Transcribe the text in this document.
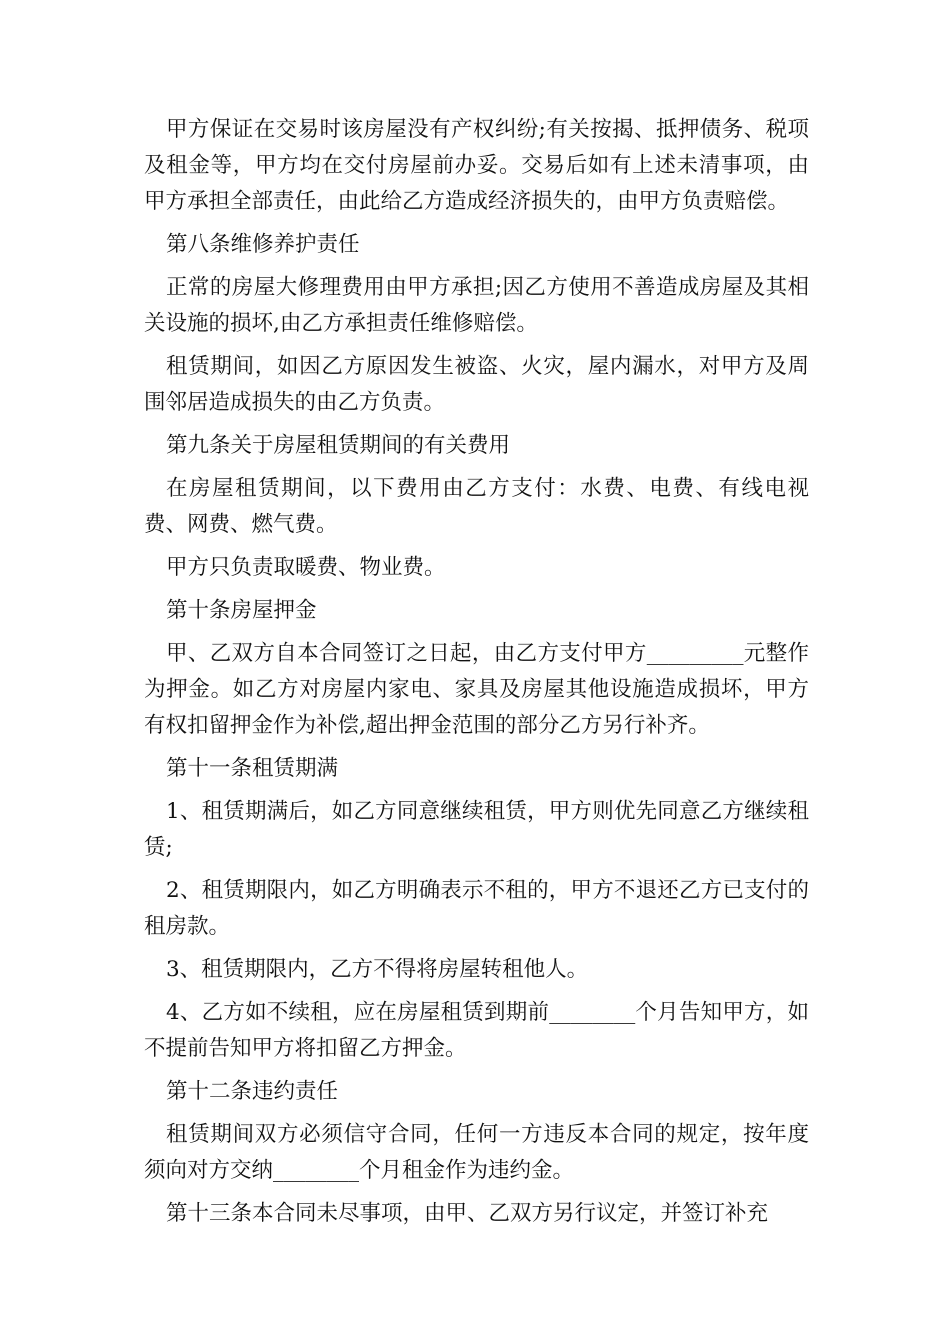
甲方保证在交易时该房屋没有产权纠纷;有关按揭、抵押债务、税项及租金等，甲方均在交付房屋前办妥。交易后如有上述未清事项，由甲方承担全部责任，由此给乙方造成经济损失的，由甲方负责赔偿。

第八条维修养护责任

正常的房屋大修理费用由甲方承担;因乙方使用不善造成房屋及其相关设施的损坏,由乙方承担责任维修赔偿。

租赁期间，如因乙方原因发生被盗、火灾，屋内漏水，对甲方及周围邻居造成损失的由乙方负责。

第九条关于房屋租赁期间的有关费用

在房屋租赁期间，以下费用由乙方支付：水费、电费、有线电视费、网费、燃气费。

甲方只负责取暖费、物业费。

第十条房屋押金

甲、乙双方自本合同签订之日起，由乙方支付甲方_________元整作为押金。如乙方对房屋内家电、家具及房屋其他设施造成损坏，甲方有权扣留押金作为补偿,超出押金范围的部分乙方另行补齐。

第十一条租赁期满

1、租赁期满后，如乙方同意继续租赁，甲方则优先同意乙方继续租赁;

2、租赁期限内，如乙方明确表示不租的，甲方不退还乙方已支付的租房款。

3、租赁期限内，乙方不得将房屋转租他人。

4、乙方如不续租，应在房屋租赁到期前________个月告知甲方，如不提前告知甲方将扣留乙方押金。

第十二条违约责任

租赁期间双方必须信守合同，任何一方违反本合同的规定，按年度须向对方交纳________个月租金作为违约金。

第十三条本合同未尽事项，由甲、乙双方另行议定，并签订补充
